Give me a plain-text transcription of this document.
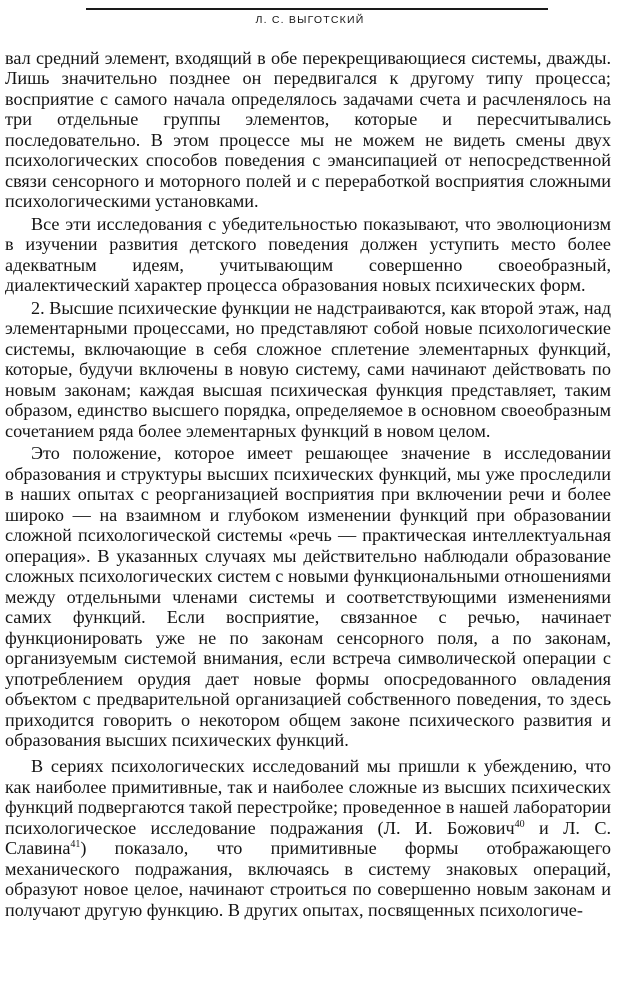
Л. С. ВЫГОТСКИЙ

вал средний элемент, входящий в обе перекрещивающиеся системы, дважды. Лишь значительно позднее он передвигался к другому типу процесса; восприятие с самого начала определялось задачами счета и расчленялось на три отдельные группы элементов, которые и пересчитывались последовательно. В этом процессе мы не можем не видеть смены двух психологических способов поведения с эмансипацией от непосредственной связи сенсорного и моторного полей и с переработкой восприятия сложными психологическими установками.

Все эти исследования с убедительностью показывают, что эволюционизм в изучении развития детского поведения должен уступить место более адекватным идеям, учитывающим совершенно своеобразный, диалектический характер процесса образования новых психических форм.

2. Высшие психические функции не надстраиваются, как второй этаж, над элементарными процессами, но представляют собой новые психологические системы, включающие в себя сложное сплетение элементарных функций, которые, будучи включены в новую систему, сами начинают действовать по новым законам; каждая высшая психическая функция представляет, таким образом, единство высшего порядка, определяемое в основном своеобразным сочетанием ряда более элементарных функций в новом целом.

Это положение, которое имеет решающее значение в исследовании образования и структуры высших психических функций, мы уже проследили в наших опытах с реорганизацией восприятия при включении речи и более широко — на взаимном и глубоком изменении функций при образовании сложной психологической системы «речь — практическая интеллектуальная операция». В указанных случаях мы действительно наблюдали образование сложных психологических систем с новыми функциональными отношениями между отдельными членами системы и соответствующими изменениями самих функций. Если восприятие, связанное с речью, начинает функционировать уже не по законам сенсорного поля, а по законам, организуемым системой внимания, если встреча символической операции с употреблением орудия дает новые формы опосредованного овладения объектом с предварительной организацией собственного поведения, то здесь приходится говорить о некотором общем законе психического развития и образования высших психических функций.

В сериях психологических исследований мы пришли к убеждению, что как наиболее примитивные, так и наиболее сложные из высших психических функций подвергаются такой перестройке; проведенное в нашей лаборатории психологическое исследование подражания (Л. И. Божович$^{40}$ и Л. С. Славина$^{41}$) показало, что примитивные формы отображающего механического подражания, включаясь в систему знаковых операций, образуют новое целое, начинают строиться по совершенно новым законам и получают другую функцию. В других опытах, посвященных психологиче-
